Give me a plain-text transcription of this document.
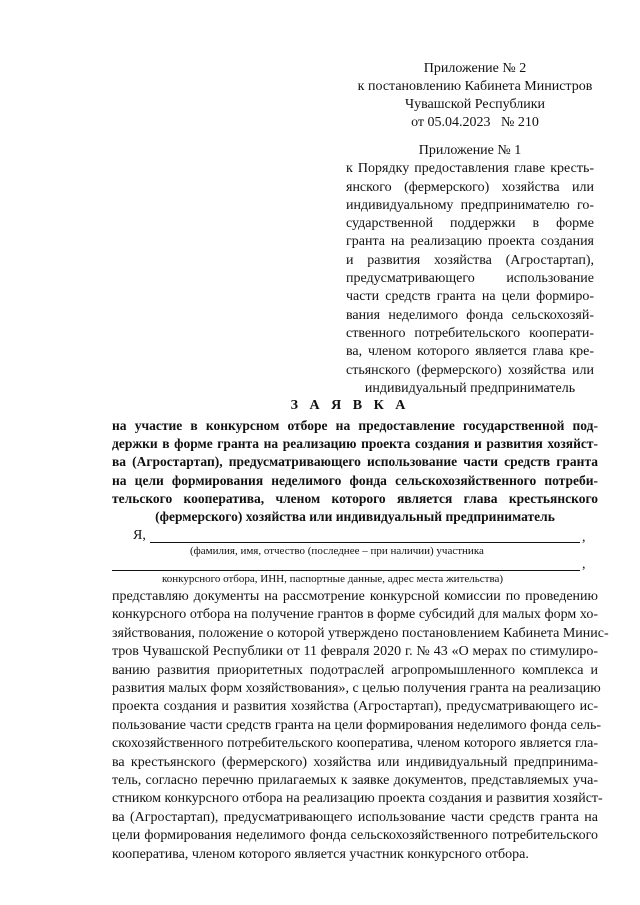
Приложение № 2
к постановлению Кабинета Министров
Чувашской Республики
от 05.04.2023   № 210
Приложение № 1
к Порядку предоставления главе кресть-
янского (фермерского) хозяйства или
индивидуальному предпринимателю го-
сударственной поддержки в форме
гранта на реализацию проекта создания
и развития хозяйства (Агростартап),
предусматривающего использование
части средств гранта на цели формиро-
вания неделимого фонда сельскохозяй-
ственного потребительского кооперати-
ва, членом которого является глава кре-
стьянского (фермерского) хозяйства или
индивидуальный предприниматель
З А Я В К А
на участие в конкурсном отборе на предоставление государственной под-
держки в форме гранта на реализацию проекта создания и развития хозяйст-
ва (Агростартап), предусматривающего использование части средств гранта
на цели формирования неделимого фонда сельскохозяйственного потреби-
тельского кооператива, членом которого является глава крестьянского
(фермерского) хозяйства или индивидуальный предприниматель
Я,	,
(фамилия, имя, отчество (последнее – при наличии) участника
,
конкурсного отбора, ИНН, паспортные данные, адрес места жительства)
представляю документы на рассмотрение конкурсной комиссии по проведению
конкурсного отбора на получение грантов в форме субсидий для малых форм хо-
зяйствования, положение о которой утверждено постановлением Кабинета Минис-
тров Чувашской Республики от 11 февраля 2020 г. № 43 «О мерах по стимулиро-
ванию развития приоритетных подотраслей агропромышленного комплекса и
развития малых форм хозяйствования», с целью получения гранта на реализацию
проекта создания и развития хозяйства (Агростартап), предусматривающего ис-
пользование части средств гранта на цели формирования неделимого фонда сель-
скохозяйственного потребительского кооператива, членом которого является гла-
ва крестьянского (фермерского) хозяйства или индивидуальный предпринима-
тель, согласно перечню прилагаемых к заявке документов, представляемых уча-
стником конкурсного отбора на реализацию проекта создания и развития хозяйст-
ва (Агростартап), предусматривающего использование части средств гранта на
цели формирования неделимого фонда сельскохозяйственного потребительского
кооператива, членом которого является участник конкурсного отбора.
